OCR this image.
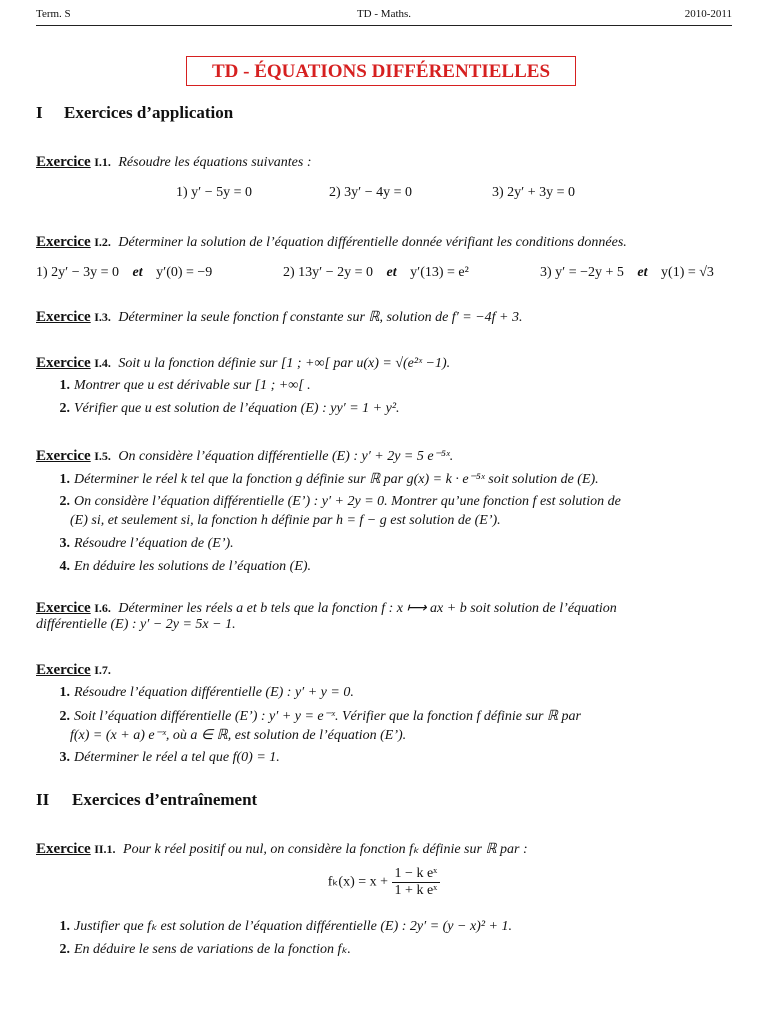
Term. S	TD - Maths.	2010-2011
TD - ÉQUATIONS DIFFÉRENTIELLES
I Exercices d’application
Exercice I.1. Résoudre les équations suivantes :
1) y′ − 5y = 0	2) 3y′ − 4y = 0	3) 2y′ + 3y = 0
Exercice I.2. Déterminer la solution de l’équation différentielle donnée vérifiant les conditions données.
1) 2y′ − 3y = 0 et y′(0) = −9	2) 13y′ − 2y = 0 et y′(13) = e²	3) y′ = −2y + 5 et y(1) = √3
Exercice I.3. Déterminer la seule fonction f constante sur ℝ, solution de f′ = −4f + 3.
Exercice I.4. Soit u la fonction définie sur [1 ; +∞[ par u(x) = √(e²ˣ −1).
1. Montrer que u est dérivable sur [1 ; +∞[ .
2. Vérifier que u est solution de l’équation (E) : yy′ = 1 + y².
Exercice I.5. On considère l’équation différentielle (E) : y′ + 2y = 5 e⁻⁵ˣ.
1. Déterminer le réel k tel que la fonction g définie sur ℝ par g(x) = k · e⁻⁵ˣ soit solution de (E).
2. On considère l’équation différentielle (E’) : y′ + 2y = 0. Montrer qu’une fonction f est solution de
(E) si, et seulement si, la fonction h définie par h = f − g est solution de (E’).
3. Résoudre l’équation de (E’).
4. En déduire les solutions de l’équation (E).
Exercice I.6. Déterminer les réels a et b tels que la fonction f : x ⟼ ax + b soit solution de l’équation
différentielle (E) : y′ − 2y = 5x − 1.
Exercice I.7.
1. Résoudre l’équation différentielle (E) : y′ + y = 0.
2. Soit l’équation différentielle (E’) : y′ + y = e⁻ˣ. Vérifier que la fonction f définie sur ℝ par
f(x) = (x + a) e⁻ˣ, où a ∈ ℝ, est solution de l’équation (E’).
3. Déterminer le réel a tel que f(0) = 1.
II Exercices d’entraînement
Exercice II.1. Pour k réel positif ou nul, on considère la fonction fₖ définie sur ℝ par :
$f_k(x) = x + \frac{\text{1 − k eˣ}}{\text{1 + k eˣ}}$
1. Justifier que fₖ est solution de l’équation différentielle (E) : 2y′ = (y − x)² + 1.
2. En déduire le sens de variations de la fonction fₖ.
